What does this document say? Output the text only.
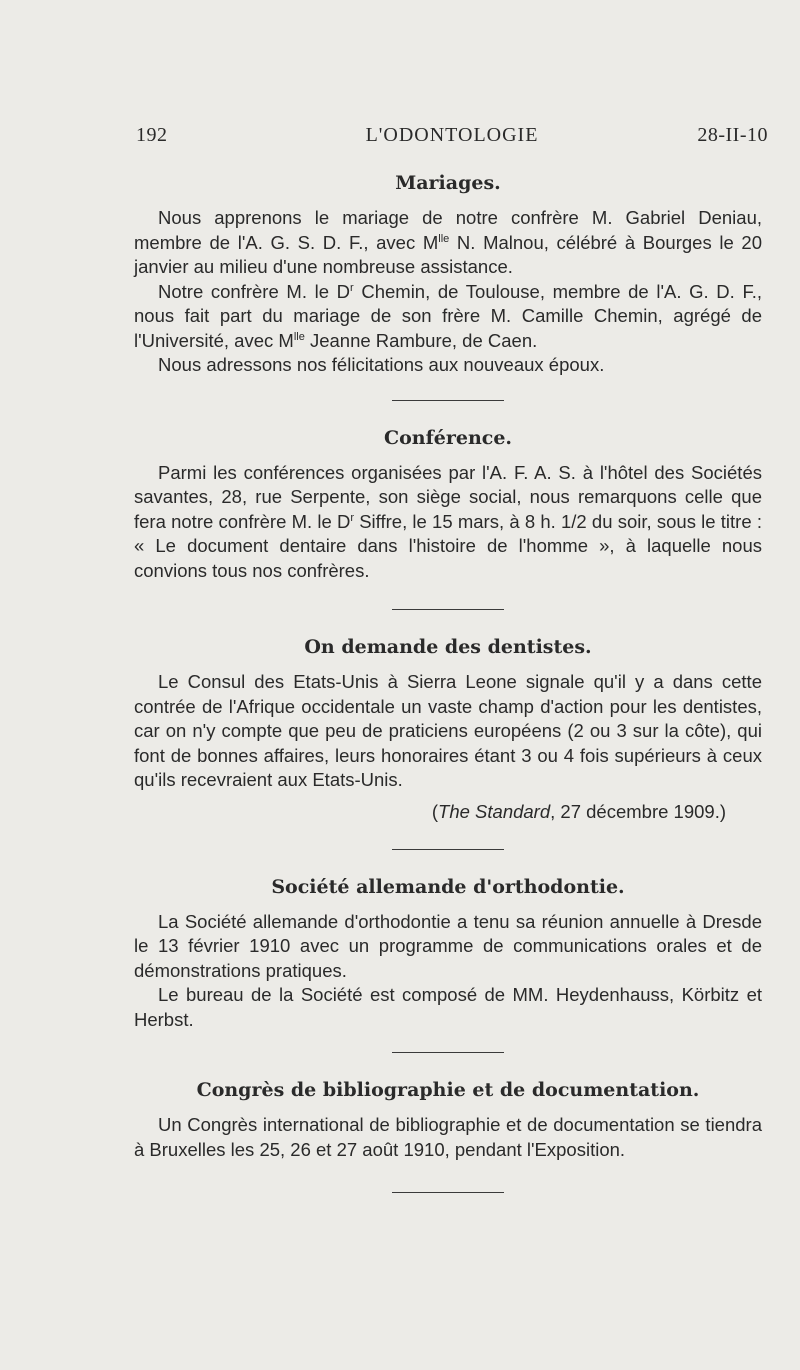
192	L'ODONTOLOGIE	28-II-10
Mariages.

Nous apprenons le mariage de notre confrère M. Gabriel Deniau, membre de l'A. G. S. D. F., avec $M^{lle}$ N. Malnou, célébré à Bourges le 20 janvier au milieu d'une nombreuse assistance.

Notre confrère M. le $D^r$ Chemin, de Toulouse, membre de l'A. G. D. F., nous fait part du mariage de son frère M. Camille Chemin, agrégé de l'Université, avec $M^{lle}$ Jeanne Rambure, de Caen.

Nous adressons nos félicitations aux nouveaux époux.

Conférence.

Parmi les conférences organisées par l'A. F. A. S. à l'hôtel des Sociétés savantes, 28, rue Serpente, son siège social, nous remarquons celle que fera notre confrère M. le $D^r$ Siffre, le 15 mars, à 8 h. 1/2 du soir, sous le titre : « Le document dentaire dans l'histoire de l'homme », à laquelle nous convions tous nos confrères.

On demande des dentistes.

Le Consul des Etats-Unis à Sierra Leone signale qu'il y a dans cette contrée de l'Afrique occidentale un vaste champ d'action pour les dentistes, car on n'y compte que peu de praticiens européens (2 ou 3 sur la côte), qui font de bonnes affaires, leurs honoraires étant 3 ou 4 fois supérieurs à ceux qu'ils recevraient aux Etats-Unis.

(The Standard, 27 décembre 1909.)
Société allemande d'orthodontie.

La Société allemande d'orthodontie a tenu sa réunion annuelle à Dresde le 13 février 1910 avec un programme de communications orales et de démonstrations pratiques.

Le bureau de la Société est composé de MM. Heydenhauss, Körbitz et Herbst.

Congrès de bibliographie et de documentation.

Un Congrès international de bibliographie et de documentation se tiendra à Bruxelles les 25, 26 et 27 août 1910, pendant l'Exposition.
